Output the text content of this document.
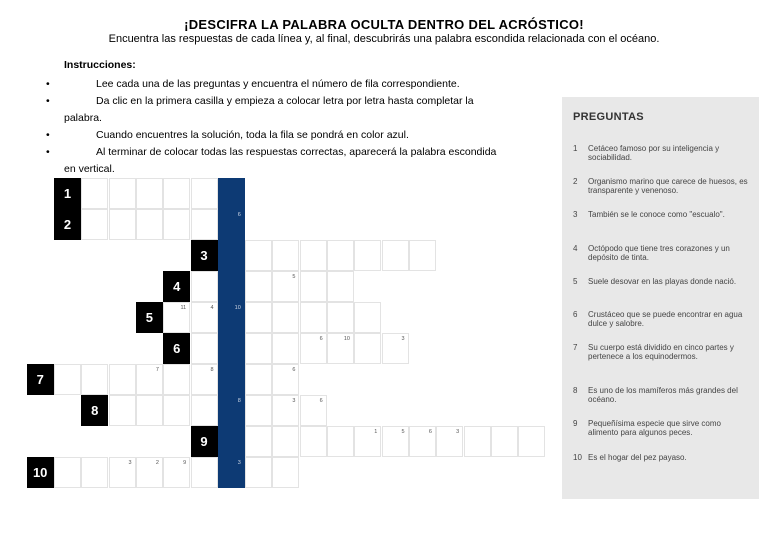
¡DESCIFRA LA PALABRA OCULTA DENTRO DEL ACRÓSTICO!
Encuentra las respuestas de cada línea y, al final, descubrirás una palabra escondida relacionada con el océano.
Instrucciones:
•	Lee cada una de las preguntas y encuentra el número de fila correspondiente.
•	Da clic en la primera casilla y empieza a colocar letra por letra hasta completar la
palabra.
•	Cuando encuentres la solución, toda la fila se pondrá en color azul.
•	Al terminar de colocar todas las respuestas correctas, aparecerá la palabra escondida
en vertical.
1
2
6
3
4
5
5
11	4	10
6
6	10	3
7
7	8	6
8
8	3	6
9
1	5	6	3
10
3	2	9	3
PREGUNTAS
1	Cetáceo famoso por su inteligencia y sociabilidad.
2	Organismo marino que carece de huesos, es transparente y venenoso.
3	También se le conoce como "escualo".
4	Octópodo que tiene tres corazones y un depósito de tinta.
5	Suele desovar en las playas donde nació.
6	Crustáceo que se puede encontrar en agua dulce y salobre.
7	Su cuerpo está dividido en cinco partes y pertenece a los equinodermos.
8	Es uno de los mamíferos más grandes del océano.
9	Pequeñísima especie que sirve como alimento para algunos peces.
10 Es el hogar del pez payaso.
